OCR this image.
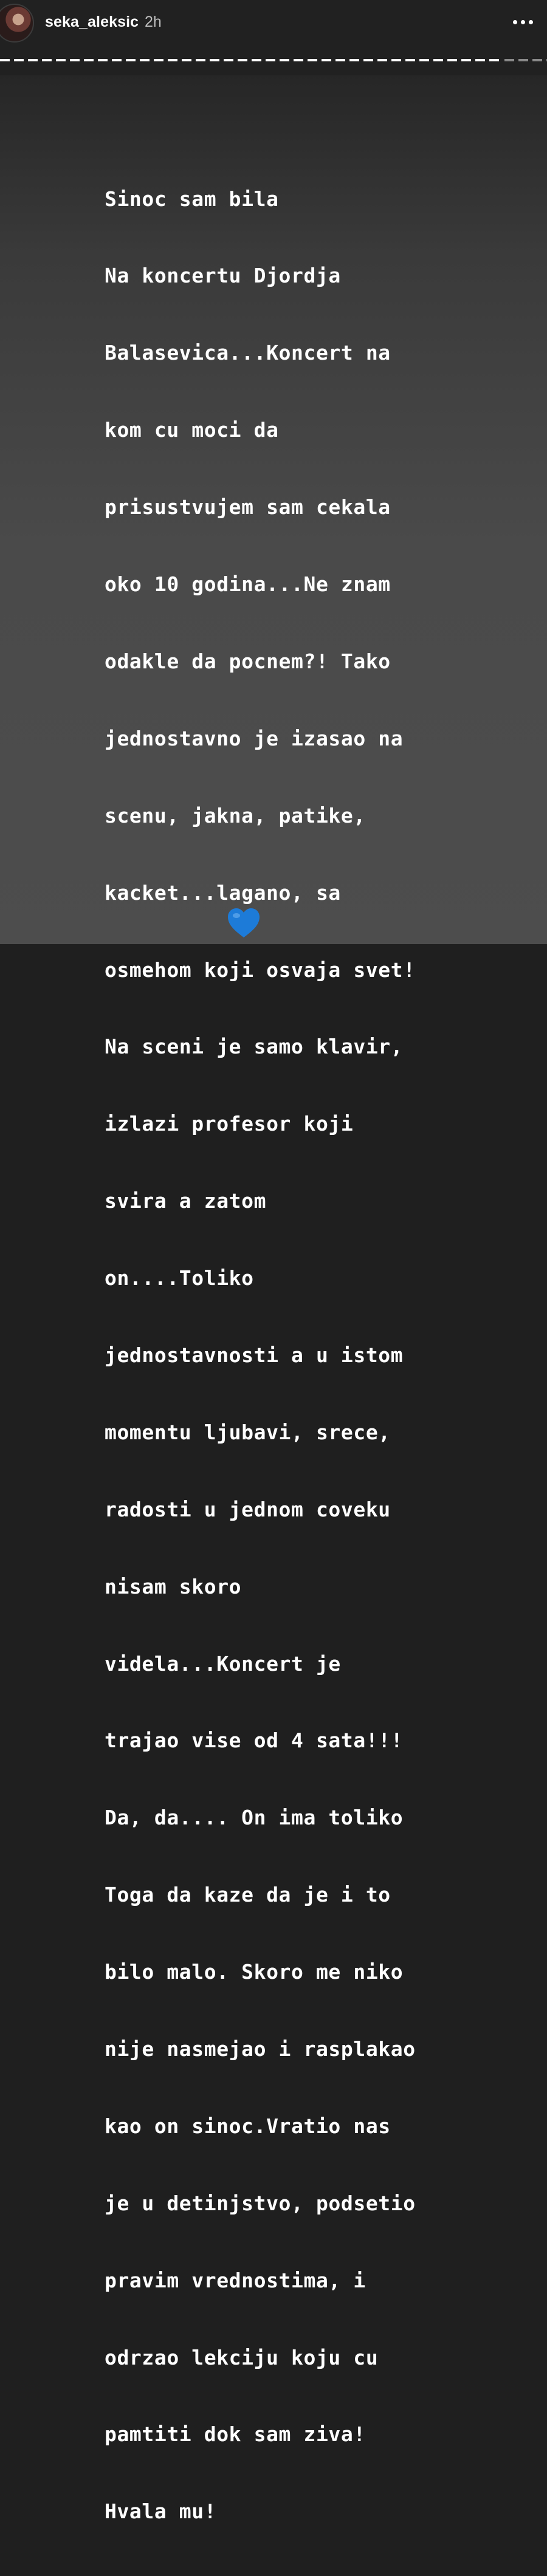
seka_aleksic 2h

Sinoc sam bila

Na koncertu Djordja

Balasevica...Koncert na

kom cu moci da

prisustvujem sam cekala

oko 10 godina...Ne znam

odakle da pocnem?! Tako

jednostavno je izasao na

scenu, jakna, patike,

kacket...lagano, sa

osmehom koji osvaja svet!

Na sceni je samo klavir,

izlazi profesor koji

svira a zatom

on....Toliko

jednostavnosti a u istom

momentu ljubavi, srece,

radosti u jednom coveku

nisam skoro

videla...Koncert je

trajao vise od 4 sata!!!

Da, da.... On ima toliko

Toga da kaze da je i to

bilo malo. Skoro me niko

nije nasmejao i rasplakao

kao on sinoc.Vratio nas

je u detinjstvo, podsetio

pravim vrednostima, i

odrzao lekciju koju cu

pamtiti dok sam ziva!

Hvala mu!
